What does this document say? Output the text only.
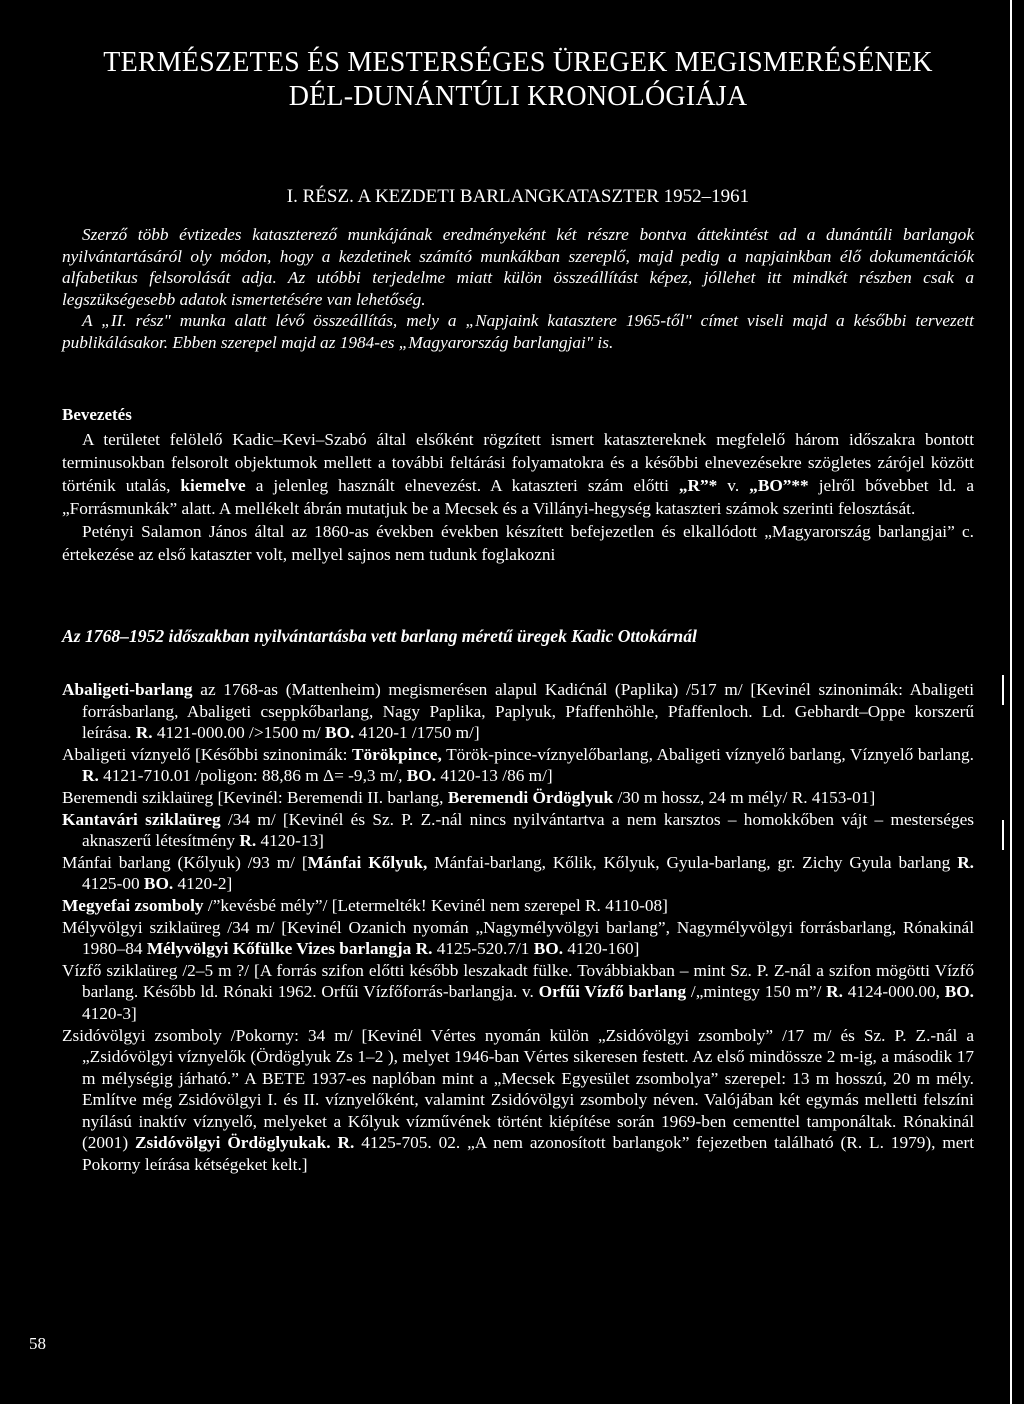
TERMÉSZETES ÉS MESTERSÉGES ÜREGEK MEGISMERÉSÉNEK
DÉL-DUNÁNTÚLI KRONOLÓGIÁJA
I. RÉSZ. A KEZDETI BARLANGKATASZTER 1952–1961

Szerző több évtizedes kataszterező munkájának eredményeként két részre bontva áttekintést ad a dunántúli barlangok nyilvántartásáról oly módon, hogy a kezdetinek számító munkákban szereplő, majd pedig a napjainkban élő dokumentációk alfabetikus felsorolását adja. Az utóbbi terjedelme miatt külön összeállítást képez, jóllehet itt mindkét részben csak a legszükségesebb adatok ismertetésére van lehetőség.

A „II. rész" munka alatt lévő összeállítás, mely a „Napjaink katasztere 1965-től" címet viseli majd a későbbi tervezett publikálásakor. Ebben szerepel majd az 1984-es „Magyarország barlangjai" is.

Bevezetés

A területet felölelő Kadic–Kevi–Szabó által elsőként rögzített ismert katasztereknek megfelelő három időszakra bontott terminusokban felsorolt objektumok mellett a további feltárási folyamatokra és a későbbi elnevezésekre szögletes zárójel között történik utalás, kiemelve a jelenleg használt elnevezést. A kataszteri szám előtti „R”* v. „BO”** jelről bővebbet ld. a „Forrásmunkák” alatt. A mellékelt ábrán mutatjuk be a Mecsek és a Villányi-hegység kataszteri számok szerinti felosztását.

Petényi Salamon János által az 1860-as években években készített befejezetlen és elkallódott „Magyarország barlangjai” c. értekezése az első kataszter volt, mellyel sajnos nem tudunk foglakozni

Az 1768–1952 időszakban nyilvántartásba vett barlang méretű üregek Kadic Ottokárnál

Abaligeti-barlang az 1768-as (Mattenheim) megismerésen alapul Kadićnál (Paplika) /517 m/ [Kevinél szinonimák: Abaligeti forrásbarlang, Abaligeti cseppkőbarlang, Nagy Paplika, Paplyuk, Pfaffenhöhle, Pfaffenloch. Ld. Gebhardt–Oppe korszerű leírása. R. 4121-000.00 />1500 m/ BO. 4120-1 /1750 m/]

Abaligeti víznyelő [Későbbi szinonimák: Törökpince, Török-pince-víznyelőbarlang, Abaligeti víznyelő barlang, Víznyelő barlang. R. 4121-710.01 /poligon: 88,86 m Δ= -9,3 m/, BO. 4120-13 /86 m/]

Beremendi sziklaüreg [Kevinél: Beremendi II. barlang, Beremendi Ördöglyuk /30 m hossz, 24 m mély/ R. 4153-01]

Kantavári sziklaüreg /34 m/ [Kevinél és Sz. P. Z.-nál nincs nyilvántartva a nem karsztos – homokkőben vájt – mesterséges aknaszerű létesítmény R. 4120-13]

Mánfai barlang (Kőlyuk) /93 m/ [Mánfai Kőlyuk, Mánfai-barlang, Kőlik, Kőlyuk, Gyula-barlang, gr. Zichy Gyula barlang R. 4125-00 BO. 4120-2]

Megyefai zsomboly /”kevésbé mély”/ [Letermelték! Kevinél nem szerepel R. 4110-08]

Mélyvölgyi sziklaüreg /34 m/ [Kevinél Ozanich nyomán „Nagymélyvölgyi barlang”, Nagymélyvölgyi forrásbarlang, Rónakinál 1980–84 Mélyvölgyi Kőfülke Vizes barlangja R. 4125-520.7/1 BO. 4120-160]

Vízfő sziklaüreg /2–5 m ?/ [A forrás szifon előtti később leszakadt fülke. Továbbiakban – mint Sz. P. Z-nál a szifon mögötti Vízfő barlang. Később ld. Rónaki 1962. Orfűi Vízfőforrás-barlangja. v. Orfűi Vízfő barlang /„mintegy 150 m”/ R. 4124-000.00, BO. 4120-3]

Zsidóvölgyi zsomboly /Pokorny: 34 m/ [Kevinél Vértes nyomán külön „Zsidóvölgyi zsomboly” /17 m/ és Sz. P. Z.-nál a „Zsidóvölgyi víznyelők (Ördöglyuk Zs 1–2 ), melyet 1946-ban Vértes sikeresen festett. Az első mindössze 2 m-ig, a második 17 m mélységig járható.” A BETE 1937-es naplóban mint a „Mecsek Egyesület zsombolya” szerepel: 13 m hosszú, 20 m mély. Említve még Zsidóvölgyi I. és II. víznyelőként, valamint Zsidóvölgyi zsomboly néven. Valójában két egymás melletti felszíni nyílású inaktív víznyelő, melyeket a Kőlyuk vízművének történt kiépítése során 1969-ben cementtel tamponáltak. Rónakinál (2001) Zsidóvölgyi Ördöglyukak. R. 4125-705. 02. „A nem azonosított barlangok” fejezetben található (R. L. 1979), mert Pokorny leírása kétségeket kelt.]

58
